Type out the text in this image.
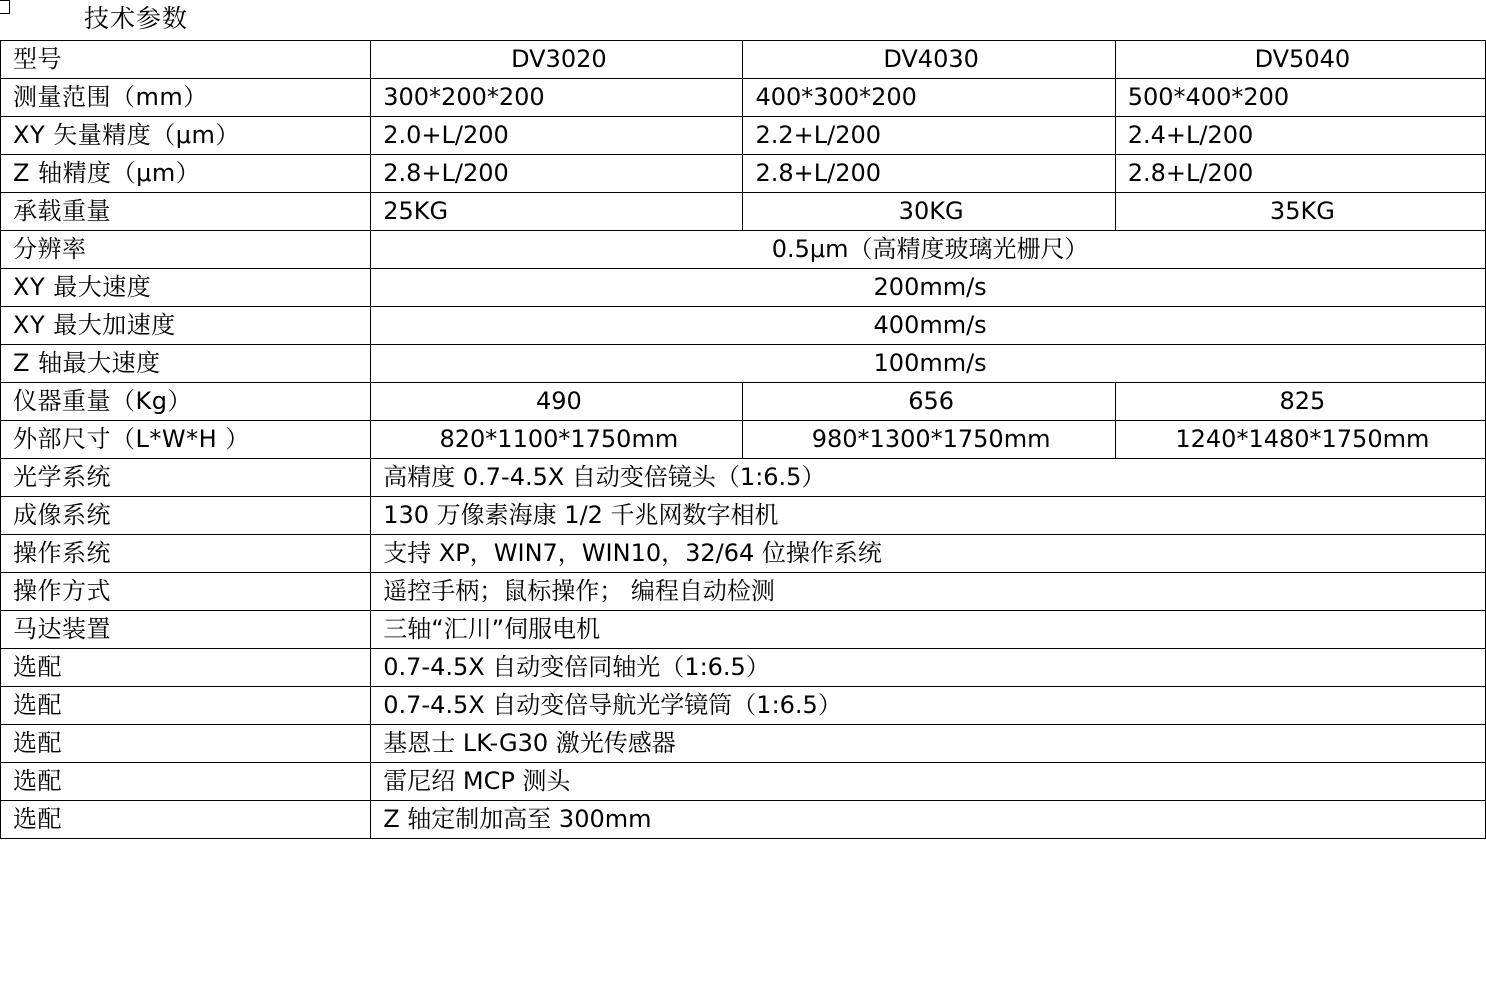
技术参数
型号	DV3020	DV4030	DV5040
测量范围（mm）	300*200*200	400*300*200	500*400*200
XY 矢量精度（μm）	2.0+L/200	2.2+L/200	2.4+L/200
Z 轴精度（μm）	2.8+L/200	2.8+L/200	2.8+L/200
承载重量	25KG	30KG	35KG
分辨率	0.5μm（高精度玻璃光栅尺）		
XY 最大速度	200mm/s		
XY 最大加速度	400mm/s		
Z 轴最大速度	100mm/s		
仪器重量（Kg）	490	656	825
外部尺寸（L*W*H ）	820*1100*1750mm	980*1300*1750mm	1240*1480*1750mm
光学系统	高精度 0.7-4.5X 自动变倍镜头（1:6.5）		
成像系统	130 万像素海康 1/2 千兆网数字相机		
操作系统	支持 XP，WIN7，WIN10，32/64 位操作系统		
操作方式	遥控手柄；鼠标操作； 编程自动检测		
马达装置	三轴“汇川”伺服电机		
选配	0.7-4.5X 自动变倍同轴光（1:6.5）		
选配	0.7-4.5X 自动变倍导航光学镜筒（1:6.5）		
选配	基恩士 LK-G30 激光传感器		
选配	雷尼绍 MCP 测头		
选配	Z 轴定制加高至 300mm		
